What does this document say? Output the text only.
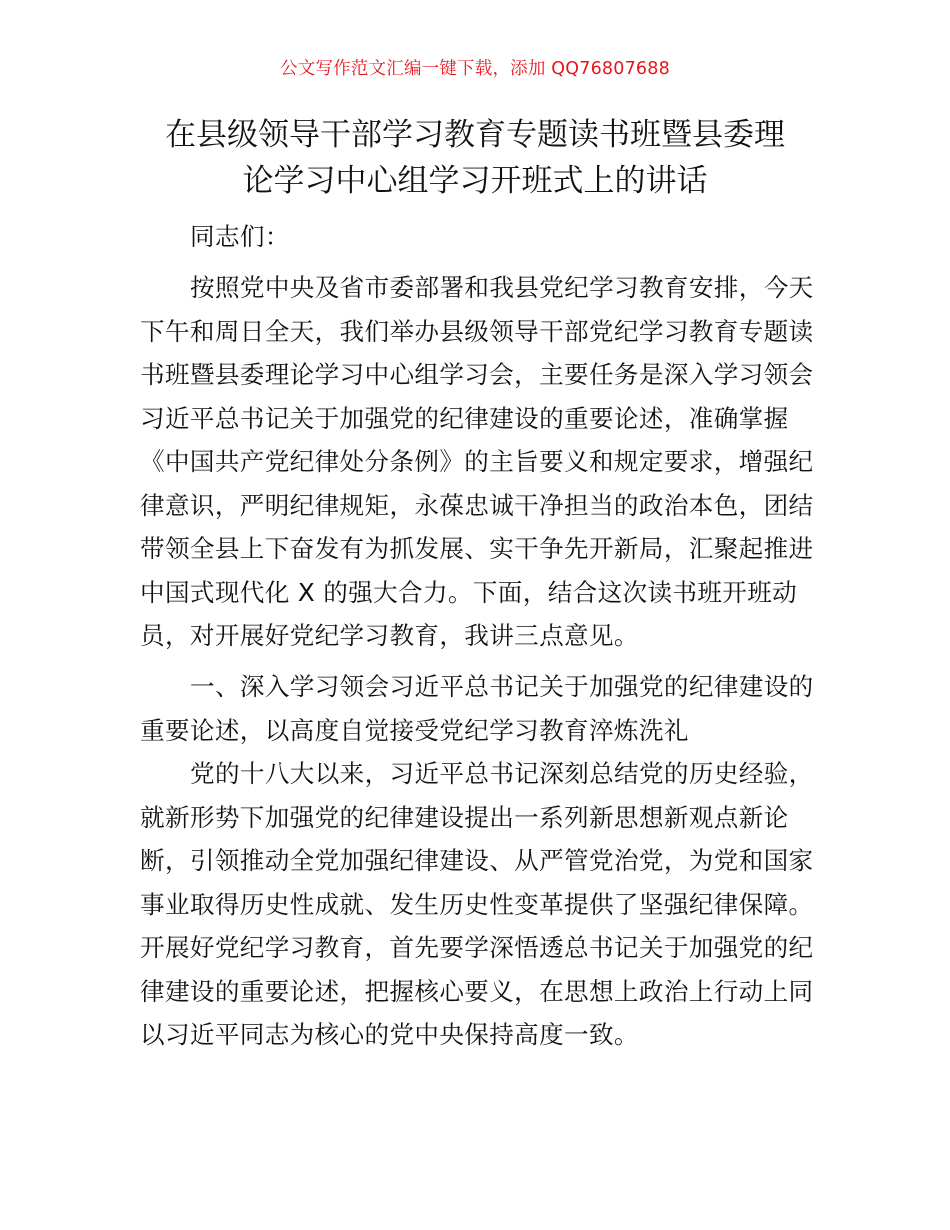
公文写作范文汇编一键下载，添加 QQ76807688
在县级领导干部学习教育专题读书班暨县委理
论学习中心组学习开班式上的讲话
同志们：
按照党中央及省市委部署和我县党纪学习教育安排，今天
下午和周日全天，我们举办县级领导干部党纪学习教育专题读
书班暨县委理论学习中心组学习会，主要任务是深入学习领会
习近平总书记关于加强党的纪律建设的重要论述，准确掌握
《中国共产党纪律处分条例》的主旨要义和规定要求，增强纪
律意识，严明纪律规矩，永葆忠诚干净担当的政治本色，团结
带领全县上下奋发有为抓发展、实干争先开新局，汇聚起推进
中国式现代化 X 的强大合力。下面，结合这次读书班开班动
员，对开展好党纪学习教育，我讲三点意见。
一、深入学习领会习近平总书记关于加强党的纪律建设的
重要论述，以高度自觉接受党纪学习教育淬炼洗礼
党的十八大以来，习近平总书记深刻总结党的历史经验，
就新形势下加强党的纪律建设提出一系列新思想新观点新论
断，引领推动全党加强纪律建设、从严管党治党，为党和国家
事业取得历史性成就、发生历史性变革提供了坚强纪律保障。
开展好党纪学习教育，首先要学深悟透总书记关于加强党的纪
律建设的重要论述，把握核心要义，在思想上政治上行动上同
以习近平同志为核心的党中央保持高度一致。
